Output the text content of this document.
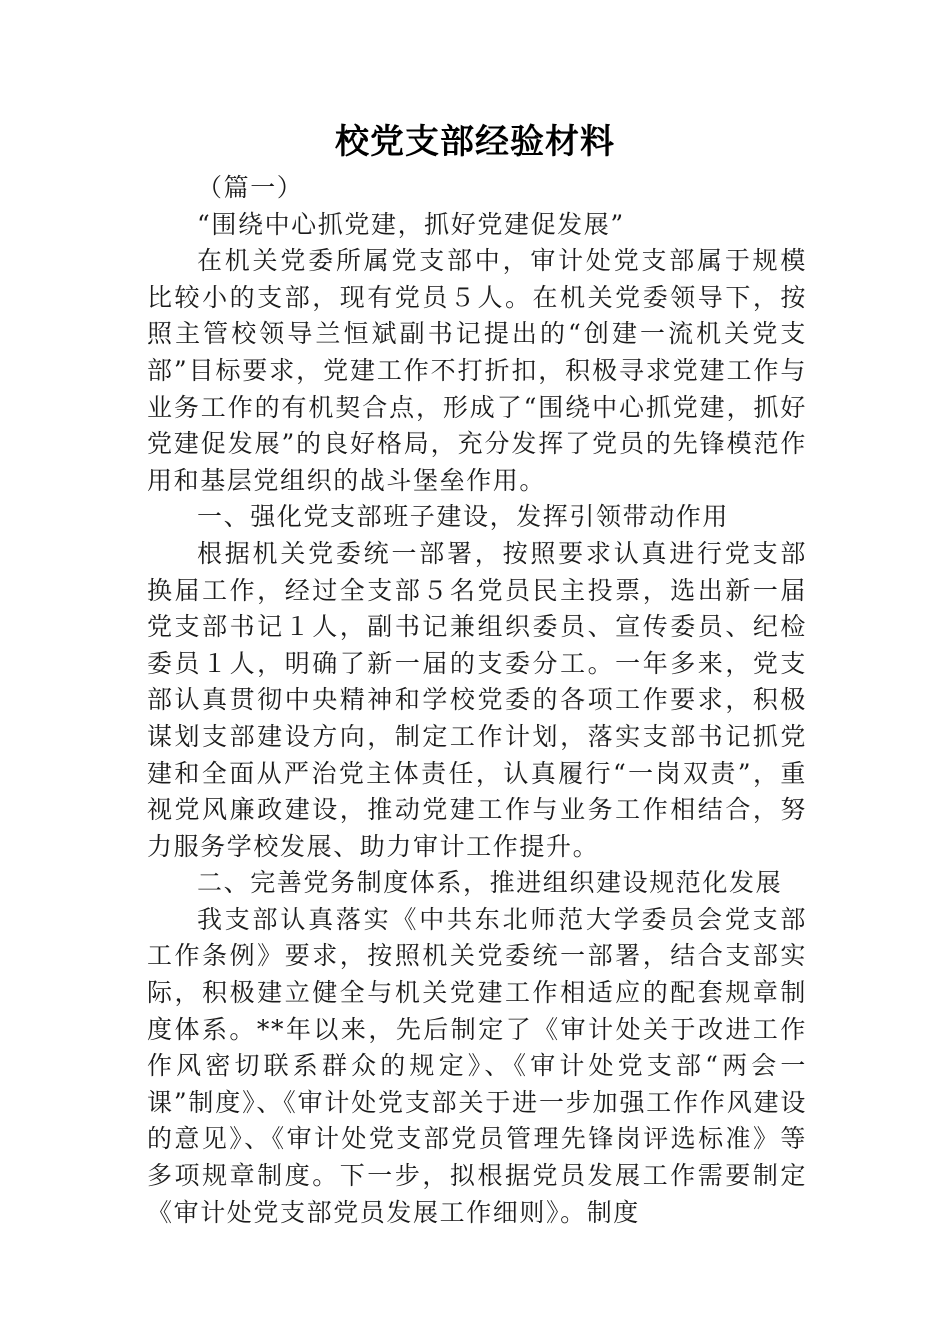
校党支部经验材料

（篇一）

“围绕中心抓党建，抓好党建促发展”

在机关党委所属党支部中，审计处党支部属于规模比较小的支部，现有党员５人。在机关党委领导下，按照主管校领导兰恒斌副书记提出的“创建一流机关党支部”目标要求，党建工作不打折扣，积极寻求党建工作与业务工作的有机契合点，形成了“围绕中心抓党建，抓好党建促发展”的良好格局，充分发挥了党员的先锋模范作用和基层党组织的战斗堡垒作用。

一、强化党支部班子建设，发挥引领带动作用

根据机关党委统一部署，按照要求认真进行党支部换届工作，经过全支部５名党员民主投票，选出新一届党支部书记１人，副书记兼组织委员、宣传委员、纪检委员１人，明确了新一届的支委分工。一年多来，党支部认真贯彻中央精神和学校党委的各项工作要求，积极谋划支部建设方向，制定工作计划，落实支部书记抓党建和全面从严治党主体责任，认真履行“一岗双责”，重视党风廉政建设，推动党建工作与业务工作相结合，努力服务学校发展、助力审计工作提升。

二、完善党务制度体系，推进组织建设规范化发展

我支部认真落实《中共东北师范大学委员会党支部工作条例》要求，按照机关党委统一部署，结合支部实际，积极建立健全与机关党建工作相适应的配套规章制度体系。**年以来，先后制定了《审计处关于改进工作作风密切联系群众的规定》、《审计处党支部“两会一课”制度》、《审计处党支部关于进一步加强工作作风建设的意见》、《审计处党支部党员管理先锋岗评选标准》等多项规章制度。下一步，拟根据党员发展工作需要制定《审计处党支部党员发展工作细则》。制度
